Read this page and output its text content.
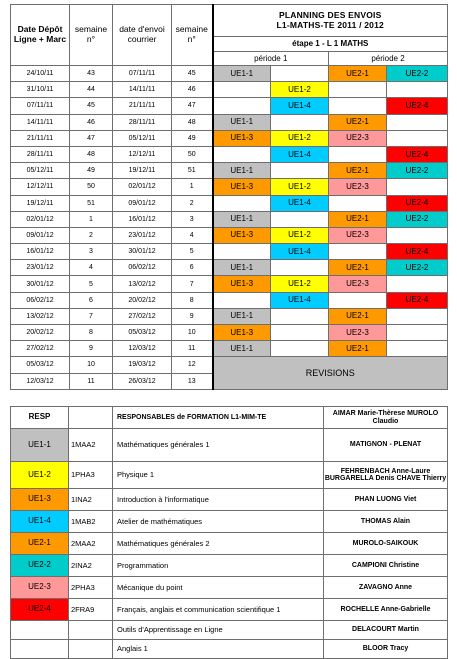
Date Dépôt Ligne + Marc	semaine n°	date d'envoi courrier	semaine n°	PLANNING DES ENVOIS
L1-MATHS-TE 2011 / 2012			

				étape 1 - L 1 MATHS			
				période 1		période 2	
24/10/11	43	07/11/11	45	UE1-1		UE2-1	UE2-2
31/10/11	44	14/11/11	46		UE1-2		
07/11/11	45	21/11/11	47		UE1-4		UE2-4
14/11/11	46	28/11/11	48	UE1-1		UE2-1	
21/11/11	47	05/12/11	49	UE1-3	UE1-2	UE2-3	
28/11/11	48	12/12/11	50		UE1-4		UE2-4
05/12/11	49	19/12/11	51	UE1-1		UE2-1	UE2-2
12/12/11	50	02/01/12	1	UE1-3	UE1-2	UE2-3	
19/12/11	51	09/01/12	2		UE1-4		UE2-4
02/01/12	1	16/01/12	3	UE1-1		UE2-1	UE2-2
09/01/12	2	23/01/12	4	UE1-3	UE1-2	UE2-3	
16/01/12	3	30/01/12	5		UE1-4		UE2-4
23/01/12	4	06/02/12	6	UE1-1		UE2-1	UE2-2
30/01/12	5	13/02/12	7	UE1-3	UE1-2	UE2-3	
06/02/12	6	20/02/12	8		UE1-4		UE2-4
13/02/12	7	27/02/12	9	UE1-1		UE2-1	
20/02/12	8	05/03/12	10	UE1-3		UE2-3	
27/02/12	9	12/03/12	11	UE1-1		UE2-1	
05/03/12	10	19/03/12	12	REVISIONS			
12/03/12	11	26/03/12	13				
RESP		RESPONSABLES de FORMATION L1-MIM-TE	AIMAR Marie-Thèrese MUROLO Claudio
UE1-1	1MAA2	Mathématiques générales 1	MATIGNON - PLENAT
UE1-2	1PHA3	Physique 1	FEHRENBACH Anne-Laure BURGARELLA Denis CHAVE Thierry
UE1-3	1INA2	Introduction à l'informatique	PHAN LUONG Viet
UE1-4	1MAB2	Atelier de mathématiques	THOMAS Alain
UE2-1	2MAA2	Mathématiques générales 2	MUROLO-SAIKOUK
UE2-2	2INA2	Programmation	CAMPIONI Christine
UE2-3	2PHA3	Mécanique du point	ZAVAGNO Anne
UE2-4	2FRA9	Français, anglais et communication scientifique 1	ROCHELLE Anne-Gabrielle
		Outils d'Apprentissage en Ligne	DELACOURT Martin
		Anglais 1	BLOOR Tracy
